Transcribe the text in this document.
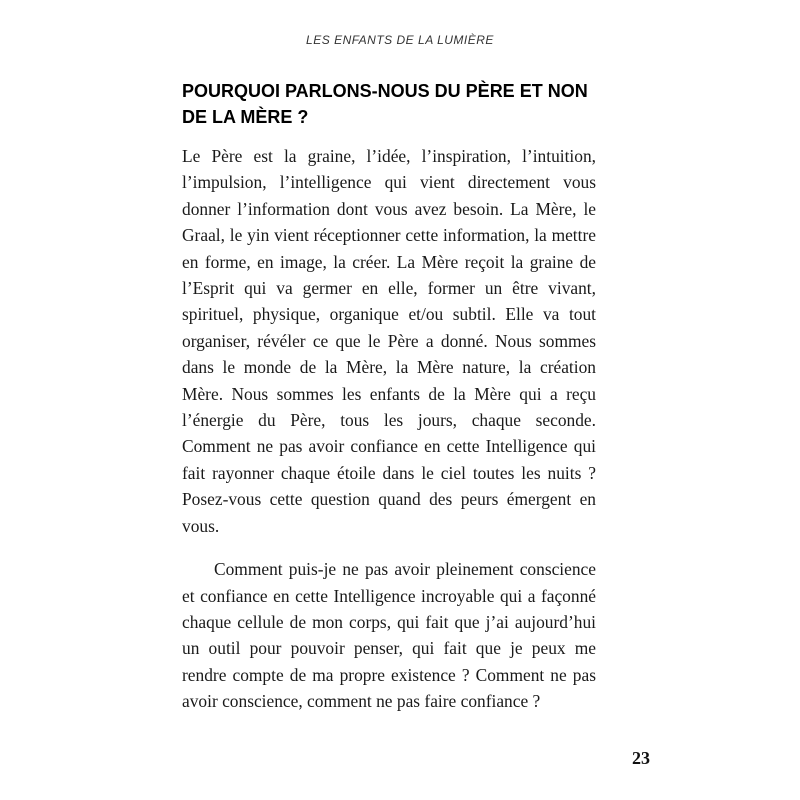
LES ENFANTS DE LA LUMIÈRE
POURQUOI PARLONS-NOUS DU PÈRE ET NON DE LA MÈRE ?

Le Père est la graine, l’idée, l’inspiration, l’intuition, l’impulsion, l’intelligence qui vient directement vous donner l’information dont vous avez besoin. La Mère, le Graal, le yin vient réceptionner cette information, la mettre en forme, en image, la créer. La Mère reçoit la graine de l’Esprit qui va germer en elle, former un être vivant, spirituel, physique, organique et/ou subtil. Elle va tout organiser, révéler ce que le Père a donné. Nous sommes dans le monde de la Mère, la Mère nature, la création Mère. Nous sommes les enfants de la Mère qui a reçu l’énergie du Père, tous les jours, chaque seconde. Comment ne pas avoir confiance en cette Intelligence qui fait rayonner chaque étoile dans le ciel toutes les nuits ? Posez-vous cette question quand des peurs émergent en vous.

Comment puis-je ne pas avoir pleinement conscience et confiance en cette Intelligence incroyable qui a façonné chaque cellule de mon corps, qui fait que j’ai aujourd’hui un outil pour pouvoir penser, qui fait que je peux me rendre compte de ma propre existence ? Comment ne pas avoir conscience, comment ne pas faire confiance ?

23
